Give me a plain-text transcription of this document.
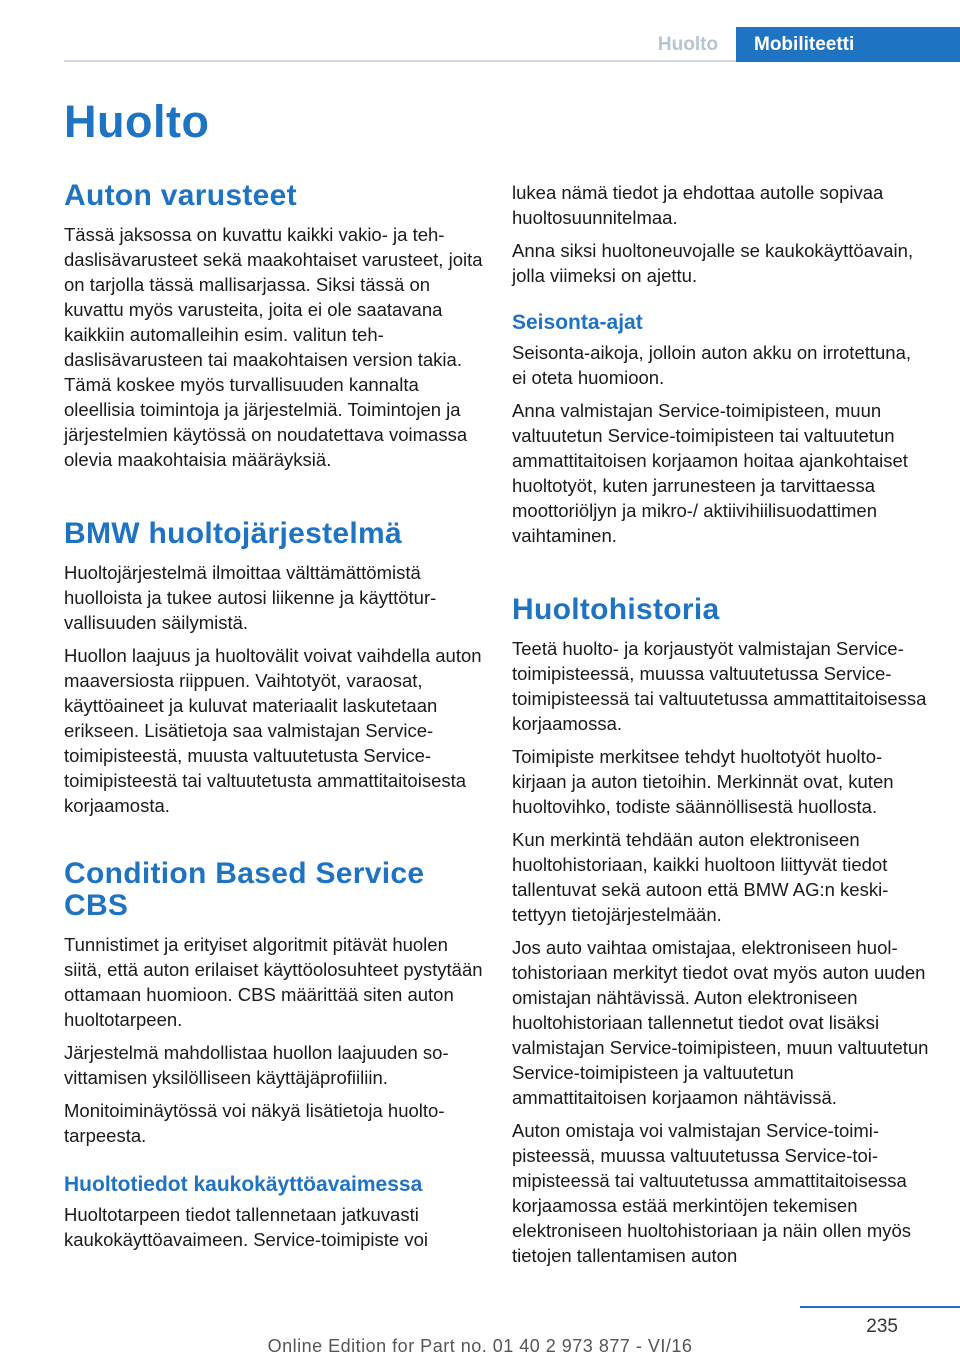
Huolto	Mobiliteetti
Huolto
Auton varusteet

Tässä jaksossa on kuvattu kaikki vakio- ja tehdaslisävarusteet sekä maakohtaiset varusteet, joita on tarjolla tässä mallisarjassa. Siksi tässä on kuvattu myös varusteita, joita ei ole saatavana kaikkiin automalleihin esim. valitun tehdaslisävarusteen tai maakohtaisen version takia. Tämä koskee myös turvallisuuden kannalta oleellisia toimintoja ja järjestelmiä. Toimintojen ja järjestelmien käytössä on noudatettava voimassa olevia maakohtaisia määräyksiä.

BMW huoltojärjestelmä

Huoltojärjestelmä ilmoittaa välttämättömistä huolloista ja tukee autosi liikenne ja käyttöturvallisuuden säilymistä.

Huollon laajuus ja huoltovälit voivat vaihdella auton maaversiosta riippuen. Vaihtotyöt, varaosat, käyttöaineet ja kuluvat materiaalit laskutetaan erikseen. Lisätietoja saa valmistajan Service-toimipisteestä, muusta valtuutetusta Service-toimipisteestä tai valtuutetusta ammattitaitoisesta korjaamosta.

Condition Based Service CBS

Tunnistimet ja erityiset algoritmit pitävät huolen siitä, että auton erilaiset käyttöolosuhteet pystytään ottamaan huomioon. CBS määrittää siten auton huoltotarpeen.

Järjestelmä mahdollistaa huollon laajuuden sovittamisen yksilölliseen käyttäjäprofiiliin.

Monitoiminäytössä voi näkyä lisätietoja huoltotarpeesta.

Huoltotiedot kaukokäyttöavaimessa

Huoltotarpeen tiedot tallennetaan jatkuvasti kaukokäyttöavaimeen. Service-toimipiste voi

lukea nämä tiedot ja ehdottaa autolle sopivaa huoltosuunnitelmaa.

Anna siksi huoltoneuvojalle se kaukokäyttöavain, jolla viimeksi on ajettu.

Seisonta-ajat

Seisonta-aikoja, jolloin auton akku on irrotettuna, ei oteta huomioon.

Anna valmistajan Service-toimipisteen, muun valtuutetun Service-toimipisteen tai valtuutetun ammattitaitoisen korjaamon hoitaa ajankohtaiset huoltotyöt, kuten jarrunesteen ja tarvittaessa moottoriöljyn ja mikro-/ aktiivihiilisuodattimen vaihtaminen.

Huoltohistoria

Teetä huolto- ja korjaustyöt valmistajan Service-toimipisteessä, muussa valtuutetussa Service-toimipisteessä tai valtuutetussa ammattitaitoisessa korjaamossa.

Toimipiste merkitsee tehdyt huoltotyöt huoltokirjaan ja auton tietoihin. Merkinnät ovat, kuten huoltovihko, todiste säännöllisestä huollosta.

Kun merkintä tehdään auton elektroniseen huoltohistoriaan, kaikki huoltoon liittyvät tiedot tallentuvat sekä autoon että BMW AG:n keskitettyyn tietojärjestelmään.

Jos auto vaihtaa omistajaa, elektroniseen huoltohistoriaan merkityt tiedot ovat myös auton uuden omistajan nähtävissä. Auton elektroniseen huoltohistoriaan tallennetut tiedot ovat lisäksi valmistajan Service-toimipisteen, muun valtuutetun Service-toimipisteen ja valtuutetun ammattitaitoisen korjaamon nähtävissä.

Auton omistaja voi valmistajan Service-toimipisteessä, muussa valtuutetussa Service-toimipisteessä tai valtuutetussa ammattitaitoisessa korjaamossa estää merkintöjen tekemisen elektroniseen huoltohistoriaan ja näin ollen myös tietojen tallentamisen auton

235
Online Edition for Part no. 01 40 2 973 877 - VI/16
